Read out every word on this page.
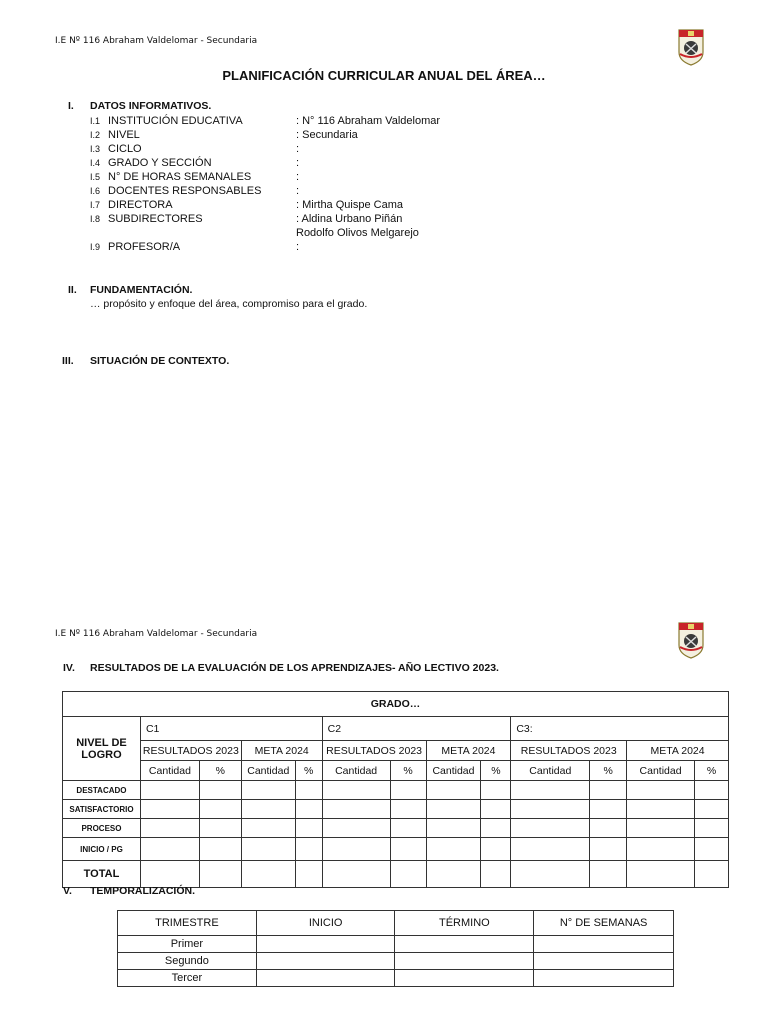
I.E Nº 116 Abraham Valdelomar - Secundaria
PLANIFICACIÓN CURRICULAR ANUAL DEL ÁREA…
I. DATOS INFORMATIVOS.
I.1 INSTITUCIÓN EDUCATIVA	: N° 116 Abraham Valdelomar
I.2 NIVEL	: Secundaria
I.3 CICLO	:
I.4 GRADO Y SECCIÓN	:
I.5 N° DE HORAS SEMANALES	:
I.6 DOCENTES RESPONSABLES	:
I.7 DIRECTORA	: Mirtha Quispe Cama
I.8 SUBDIRECTORES	: Aldina Urbano Piñán
Rodolfo Olivos Melgarejo
I.9 PROFESOR/A	:
II. FUNDAMENTACIÓN.
… propósito y enfoque del área, compromiso para el grado.
III. SITUACIÓN DE CONTEXTO.
I.E Nº 116 Abraham Valdelomar - Secundaria
IV. RESULTADOS DE LA EVALUACIÓN DE LOS APRENDIZAJES- AÑO LECTIVO 2023.
GRADO…												
NIVEL DE LOGRO	C1				C2				C3:			
	RESULTADOS 2023		META 2024		RESULTADOS 2023		META 2024		RESULTADOS 2023		META 2024	
	Cantidad	%	Cantidad	%	Cantidad	%	Cantidad	%	Cantidad	%	Cantidad	%
DESTACADO												
SATISFACTORIO												
PROCESO												
INICIO / PG												
TOTAL												
V. TEMPORALIZACIÓN.
TRIMESTRE	INICIO	TÉRMINO	N° DE SEMANAS
Primer			
Segundo			
Tercer			
